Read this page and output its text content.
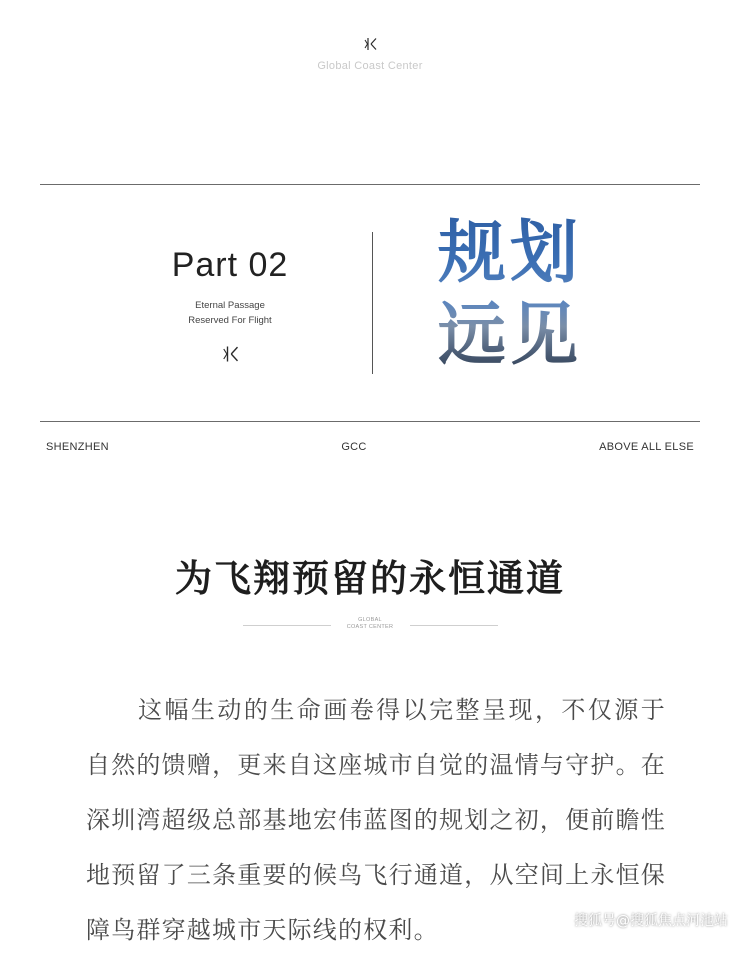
Global Coast Center
Part 02
Eternal Passage
Reserved For Flight
规划
远见
SHENZHEN	GCC	ABOVE ALL ELSE
为飞翔预留的永恒通道
GLOBAL
COAST CENTER
这幅生动的生命画卷得以完整呈现，不仅源于自然的馈赠，更来自这座城市自觉的温情与守护。在深圳湾超级总部基地宏伟蓝图的规划之初，便前瞻性地预留了三条重要的候鸟飞行通道，从空间上永恒保障鸟群穿越城市天际线的权利。	搜狐号@搜狐焦点河池站
